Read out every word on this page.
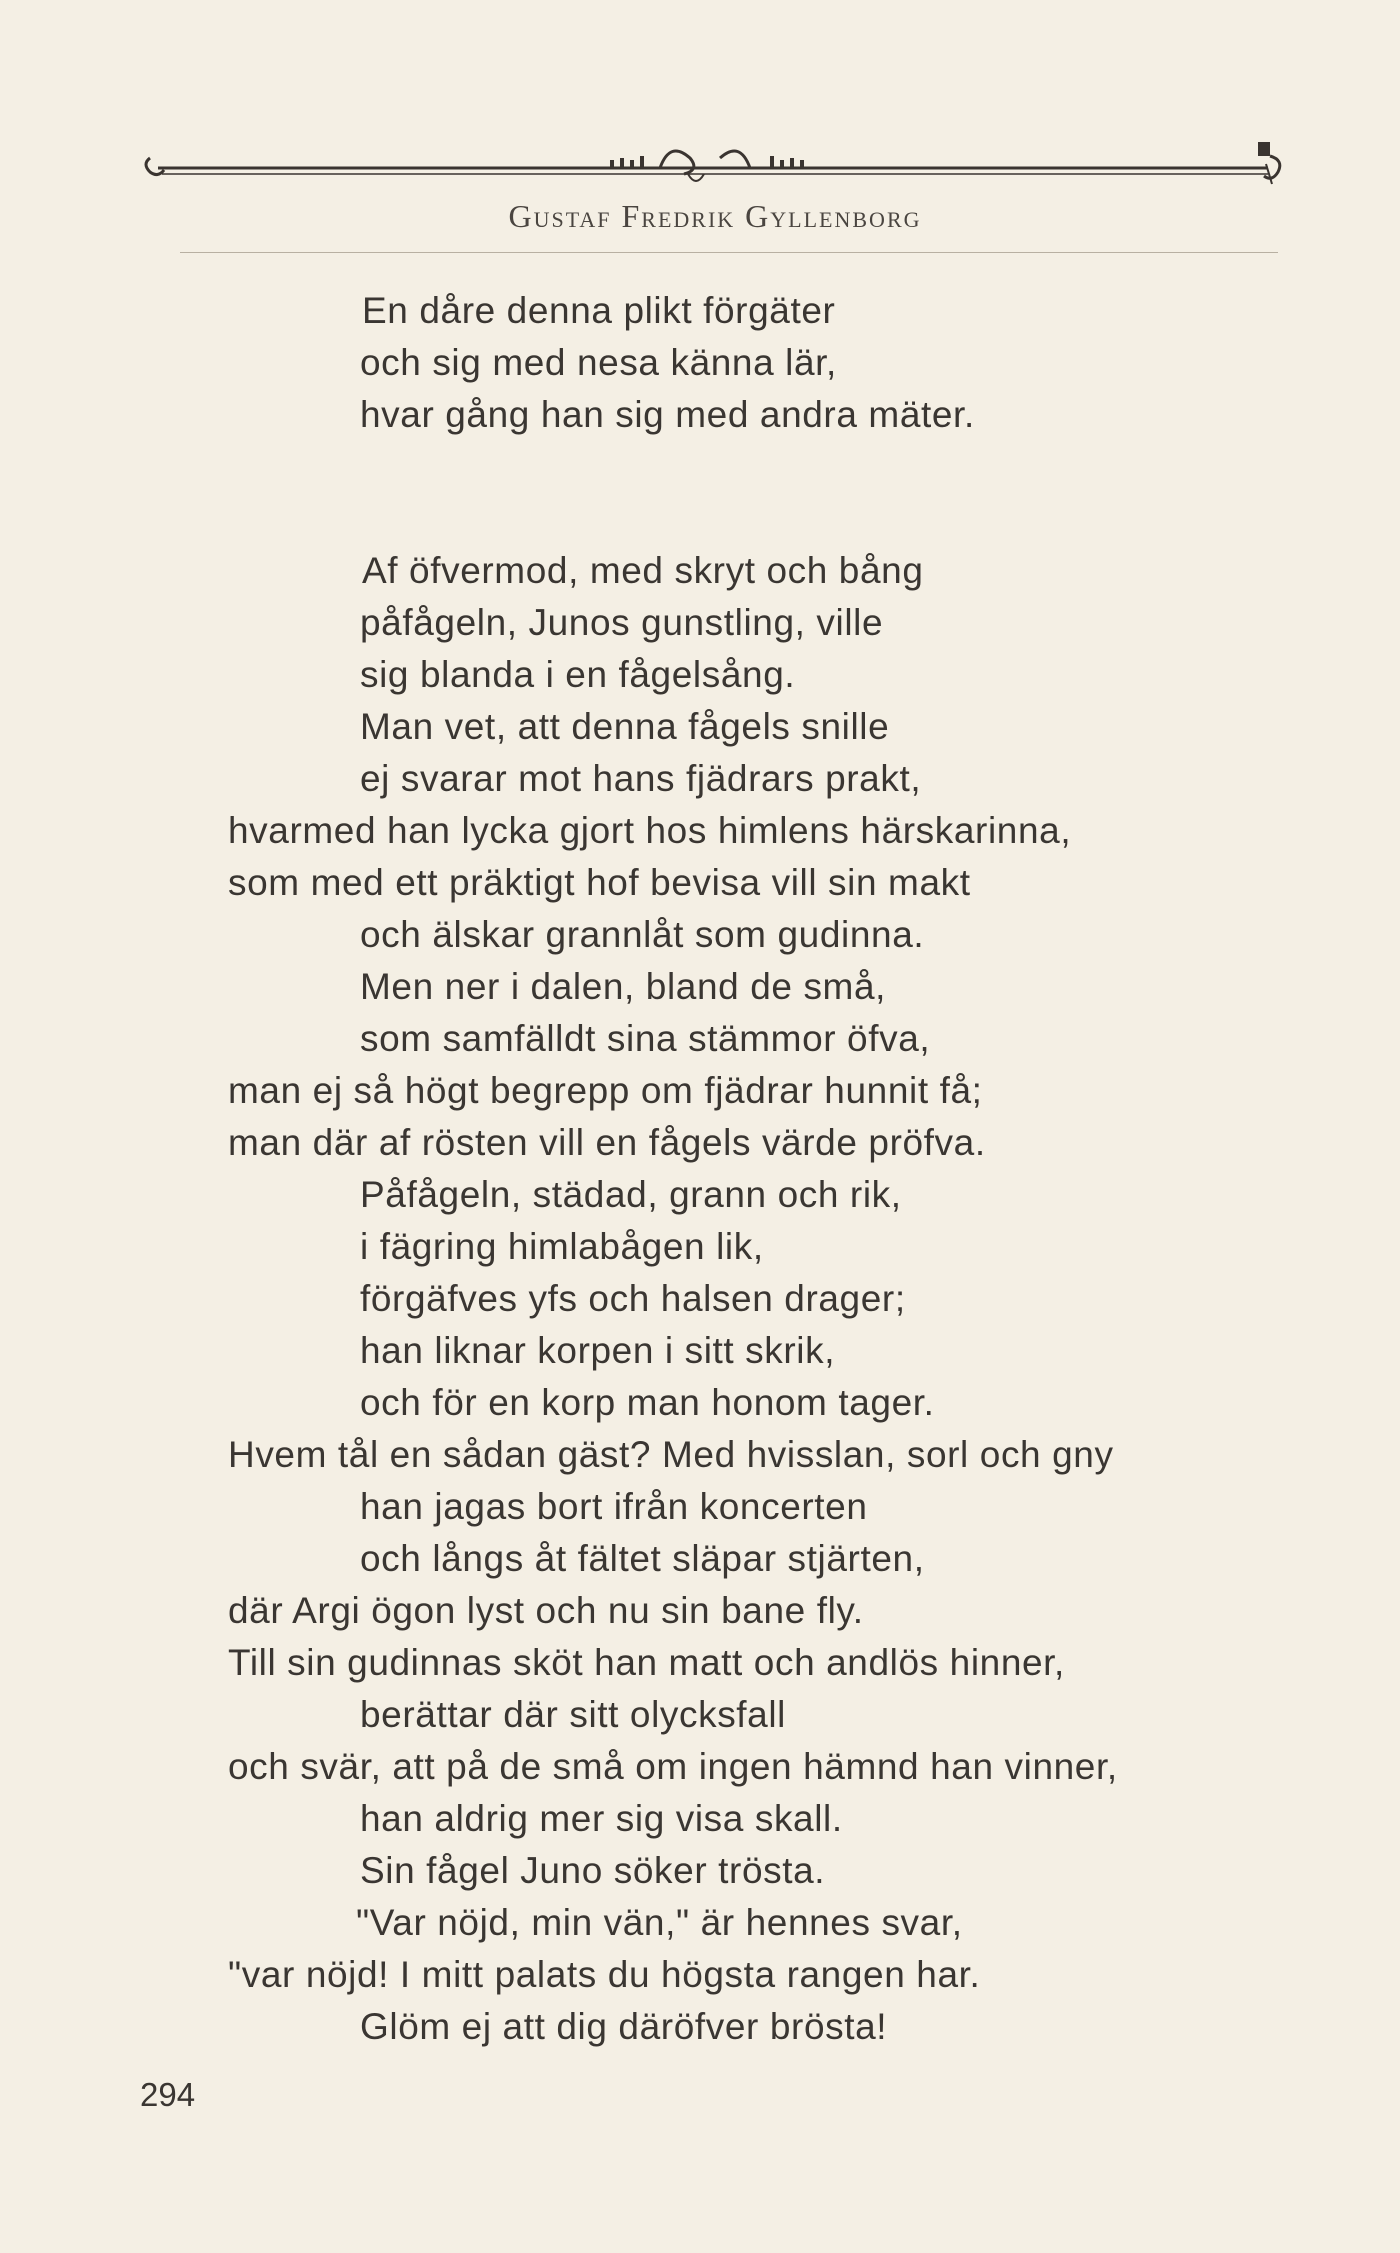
Gustaf Fredrik Gyllenborg
En dåre denna plikt förgäter
och sig med nesa känna lär,
hvar gång han sig med andra mäter.
Af öfvermod, med skryt och bång
påfågeln, Junos gunstling, ville
sig blanda i en fågelsång.
Man vet, att denna fågels snille
ej svarar mot hans fjädrars prakt,
hvarmed han lycka gjort hos himlens härskarinna,
som med ett präktigt hof bevisa vill sin makt
och älskar grannlåt som gudinna.
Men ner i dalen, bland de små,
som samfälldt sina stämmor öfva,
man ej så högt begrepp om fjädrar hunnit få;
man där af rösten vill en fågels värde pröfva.
Påfågeln, städad, grann och rik,
i fägring himlabågen lik,
förgäfves yfs och halsen drager;
han liknar korpen i sitt skrik,
och för en korp man honom tager.
Hvem tål en sådan gäst? Med hvisslan, sorl och gny
han jagas bort ifrån koncerten
och långs åt fältet släpar stjärten,
där Argi ögon lyst och nu sin bane fly.
Till sin gudinnas sköt han matt och andlös hinner,
berättar där sitt olycksfall
och svär, att på de små om ingen hämnd han vinner,
han aldrig mer sig visa skall.
Sin fågel Juno söker trösta.
"Var nöjd, min vän," är hennes svar,
"var nöjd! I mitt palats du högsta rangen har.
Glöm ej att dig däröfver brösta!
294
